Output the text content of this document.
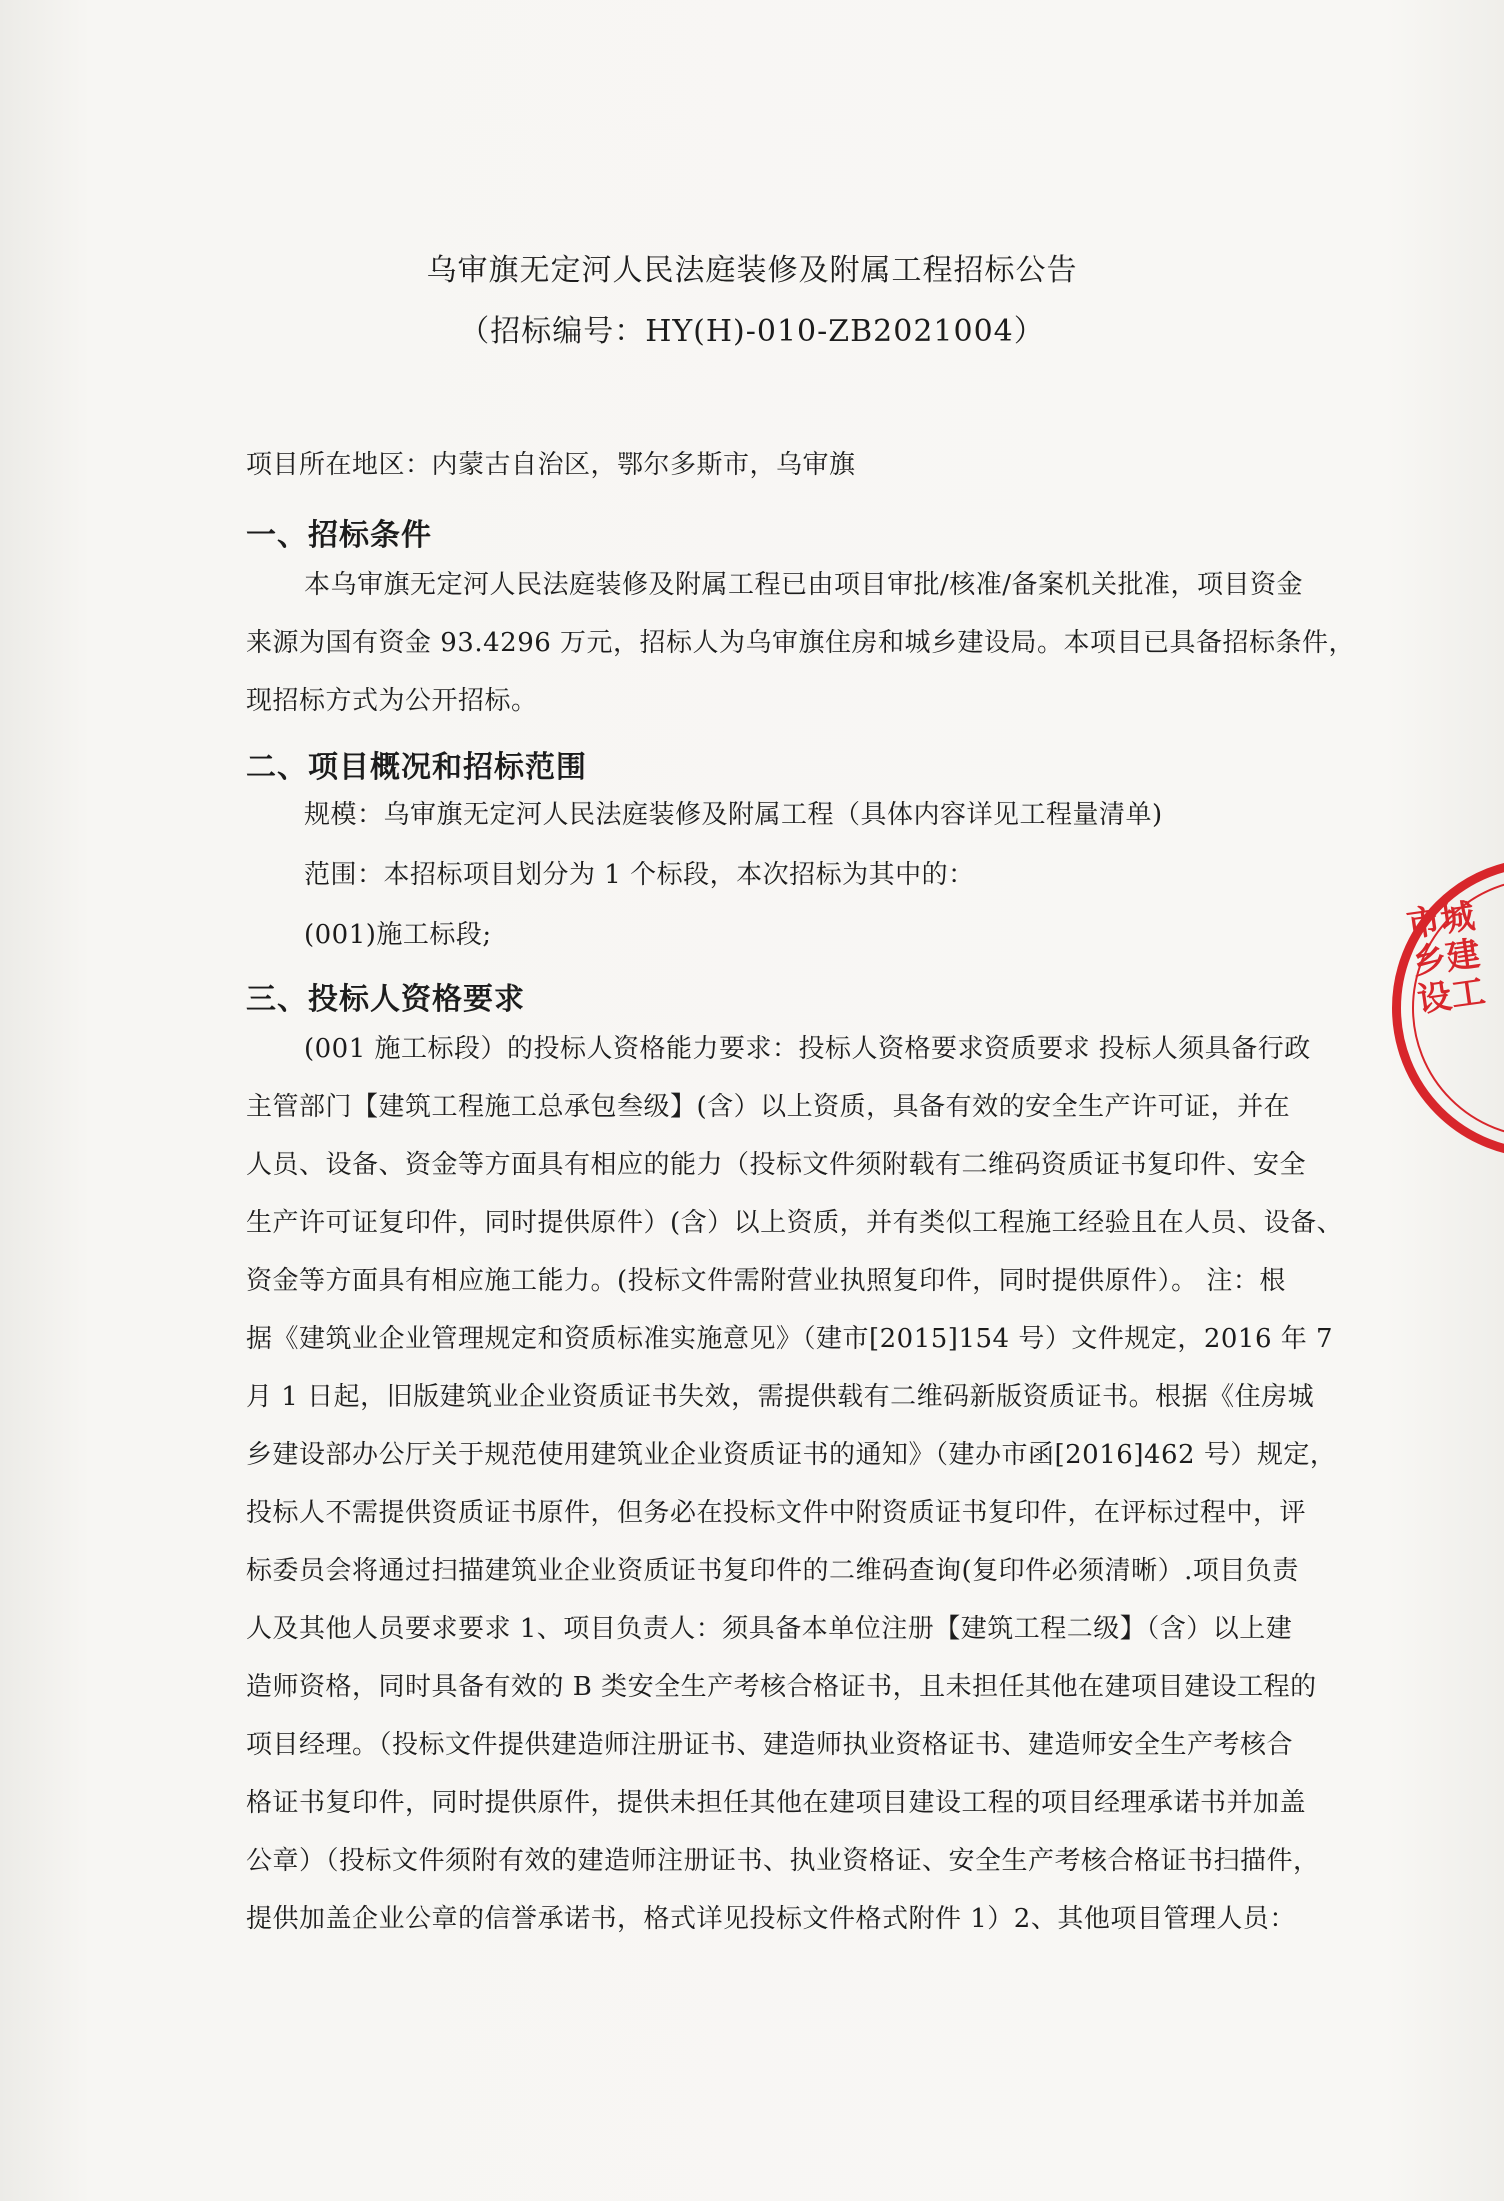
乌审旗无定河人民法庭装修及附属工程招标公告
（招标编号：HY(H)-010-ZB2021004）
项目所在地区：内蒙古自治区，鄂尔多斯市，乌审旗
一、招标条件
本乌审旗无定河人民法庭装修及附属工程已由项目审批/核准/备案机关批准，项目资金
来源为国有资金 93.4296 万元，招标人为乌审旗住房和城乡建设局。本项目已具备招标条件，
现招标方式为公开招标。
二、项目概况和招标范围
规模：乌审旗无定河人民法庭装修及附属工程（具体内容详见工程量清单)
范围：本招标项目划分为 1 个标段，本次招标为其中的：
(001)施工标段;
三、投标人资格要求
(001 施工标段）的投标人资格能力要求：投标人资格要求资质要求 投标人须具备行政
主管部门【建筑工程施工总承包叁级】(含）以上资质，具备有效的安全生产许可证，并在
人员、设备、资金等方面具有相应的能力（投标文件须附载有二维码资质证书复印件、安全
生产许可证复印件，同时提供原件）(含）以上资质，并有类似工程施工经验且在人员、设备、
资金等方面具有相应施工能力。(投标文件需附营业执照复印件，同时提供原件）。 注：根
据《建筑业企业管理规定和资质标准实施意见》（建市[2015]154 号）文件规定，2016 年 7
月 1 日起，旧版建筑业企业资质证书失效，需提供载有二维码新版资质证书。根据《住房城
乡建设部办公厅关于规范使用建筑业企业资质证书的通知》（建办市函[2016]462 号）规定，
投标人不需提供资质证书原件，但务必在投标文件中附资质证书复印件，在评标过程中，评
标委员会将通过扫描建筑业企业资质证书复印件的二维码查询(复印件必须清晰）.项目负责
人及其他人员要求要求 1、项目负责人：须具备本单位注册【建筑工程二级】（含）以上建
造师资格，同时具备有效的 B 类安全生产考核合格证书，且未担任其他在建项目建设工程的
项目经理。（投标文件提供建造师注册证书、建造师执业资格证书、建造师安全生产考核合
格证书复印件，同时提供原件，提供未担任其他在建项目建设工程的项目经理承诺书并加盖
公章）（投标文件须附有效的建造师注册证书、执业资格证、安全生产考核合格证书扫描件，
提供加盖企业公章的信誉承诺书，格式详见投标文件格式附件 1）2、其他项目管理人员：
市城乡建设工
